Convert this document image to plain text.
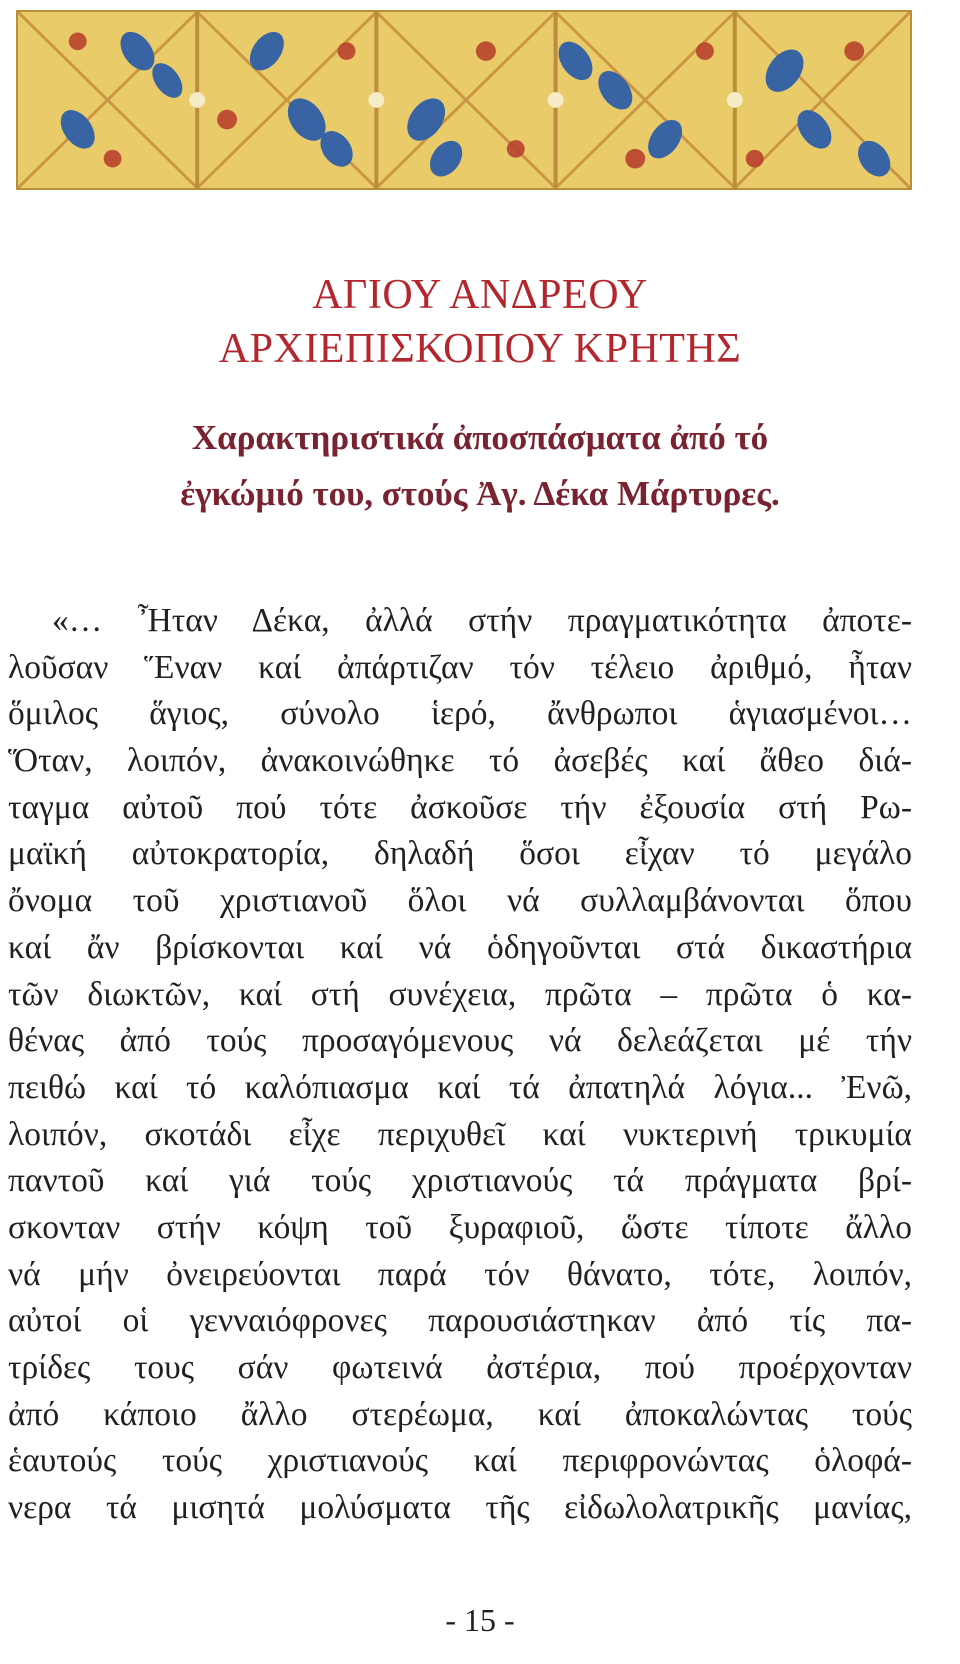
ΑΓΙΟΥ ΑΝΔΡΕΟΥ
ΑΡΧΙΕΠΙΣΚΟΠΟΥ ΚΡΗΤΗΣ
Χαρακτηριστικά ἀποσπάσματα ἀπό τό
ἐγκώμιό του, στούς Ἀγ. Δέκα Μάρτυρες.
«… Ἦταν Δέκα, ἀλλά στήν πραγματικότητα ἀποτε-
λοῦσαν Ἕναν καί ἀπάρτιζαν τόν τέλειο ἀριθμό, ἦταν
ὅμιλος ἅγιος, σύνολο ἱερό, ἄνθρωποι ἁγιασμένοι…
Ὅταν, λοιπόν, ἀνακοινώθηκε τό ἀσεβές καί ἄθεο διά-
ταγμα αὐτοῦ πού τότε ἀσκοῦσε τήν ἐξουσία στή Ρω-
μαϊκή αὐτοκρατορία, δηλαδή ὅσοι εἶχαν τό μεγάλο
ὄνομα τοῦ χριστιανοῦ ὅλοι νά συλλαμβάνονται ὅπου
καί ἄν βρίσκονται καί νά ὁδηγοῦνται στά δικαστήρια
τῶν διωκτῶν, καί στή συνέχεια, πρῶτα – πρῶτα ὁ κα-
θένας ἀπό τούς προσαγόμενους νά δελεάζεται μέ τήν
πειθώ καί τό καλόπιασμα καί τά ἀπατηλά λόγια... Ἐνῶ,
λοιπόν, σκοτάδι εἶχε περιχυθεῖ καί νυκτερινή τρικυμία
παντοῦ καί γιά τούς χριστιανούς τά πράγματα βρί-
σκονταν στήν κόψη τοῦ ξυραφιοῦ, ὥστε τίποτε ἄλλο
νά μήν ὀνειρεύονται παρά τόν θάνατο, τότε, λοιπόν,
αὐτοί οἱ γενναιόφρονες παρουσιάστηκαν ἀπό τίς πα-
τρίδες τους σάν φωτεινά ἀστέρια, πού προέρχονταν
ἀπό κάποιο ἄλλο στερέωμα, καί ἀποκαλώντας τούς
ἑαυτούς τούς χριστιανούς καί περιφρονώντας ὁλοφά-
νερα τά μισητά μολύσματα τῆς εἰδωλολατρικῆς μανίας,
- 15 -
